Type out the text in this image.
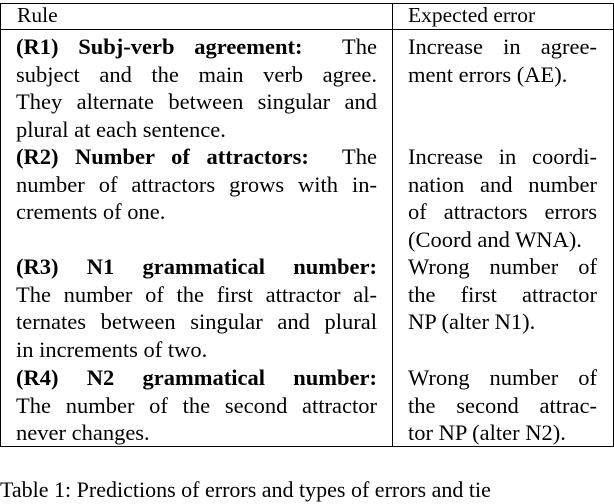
Rule	Expected error
(R1) Subj-verb agreement: The
subject and the main verb agree.
They alternate between singular and
plural at each sentence.
Increase in agree-
ment errors (AE).
(R2) Number of attractors: The
number of attractors grows with in-
crements of one.
Increase in coordi-
nation and number
of attractors errors
(Coord and WNA).
(R3) N1 grammatical number:
The number of the first attractor al-
ternates between singular and plural
in increments of two.
Wrong number of
the first attractor
NP (alter N1).
(R4) N2 grammatical number:
The number of the second attractor
never changes.
Wrong number of
the second attrac-
tor NP (alter N2).
Table 1: Predictions of errors and types of errors and tie
